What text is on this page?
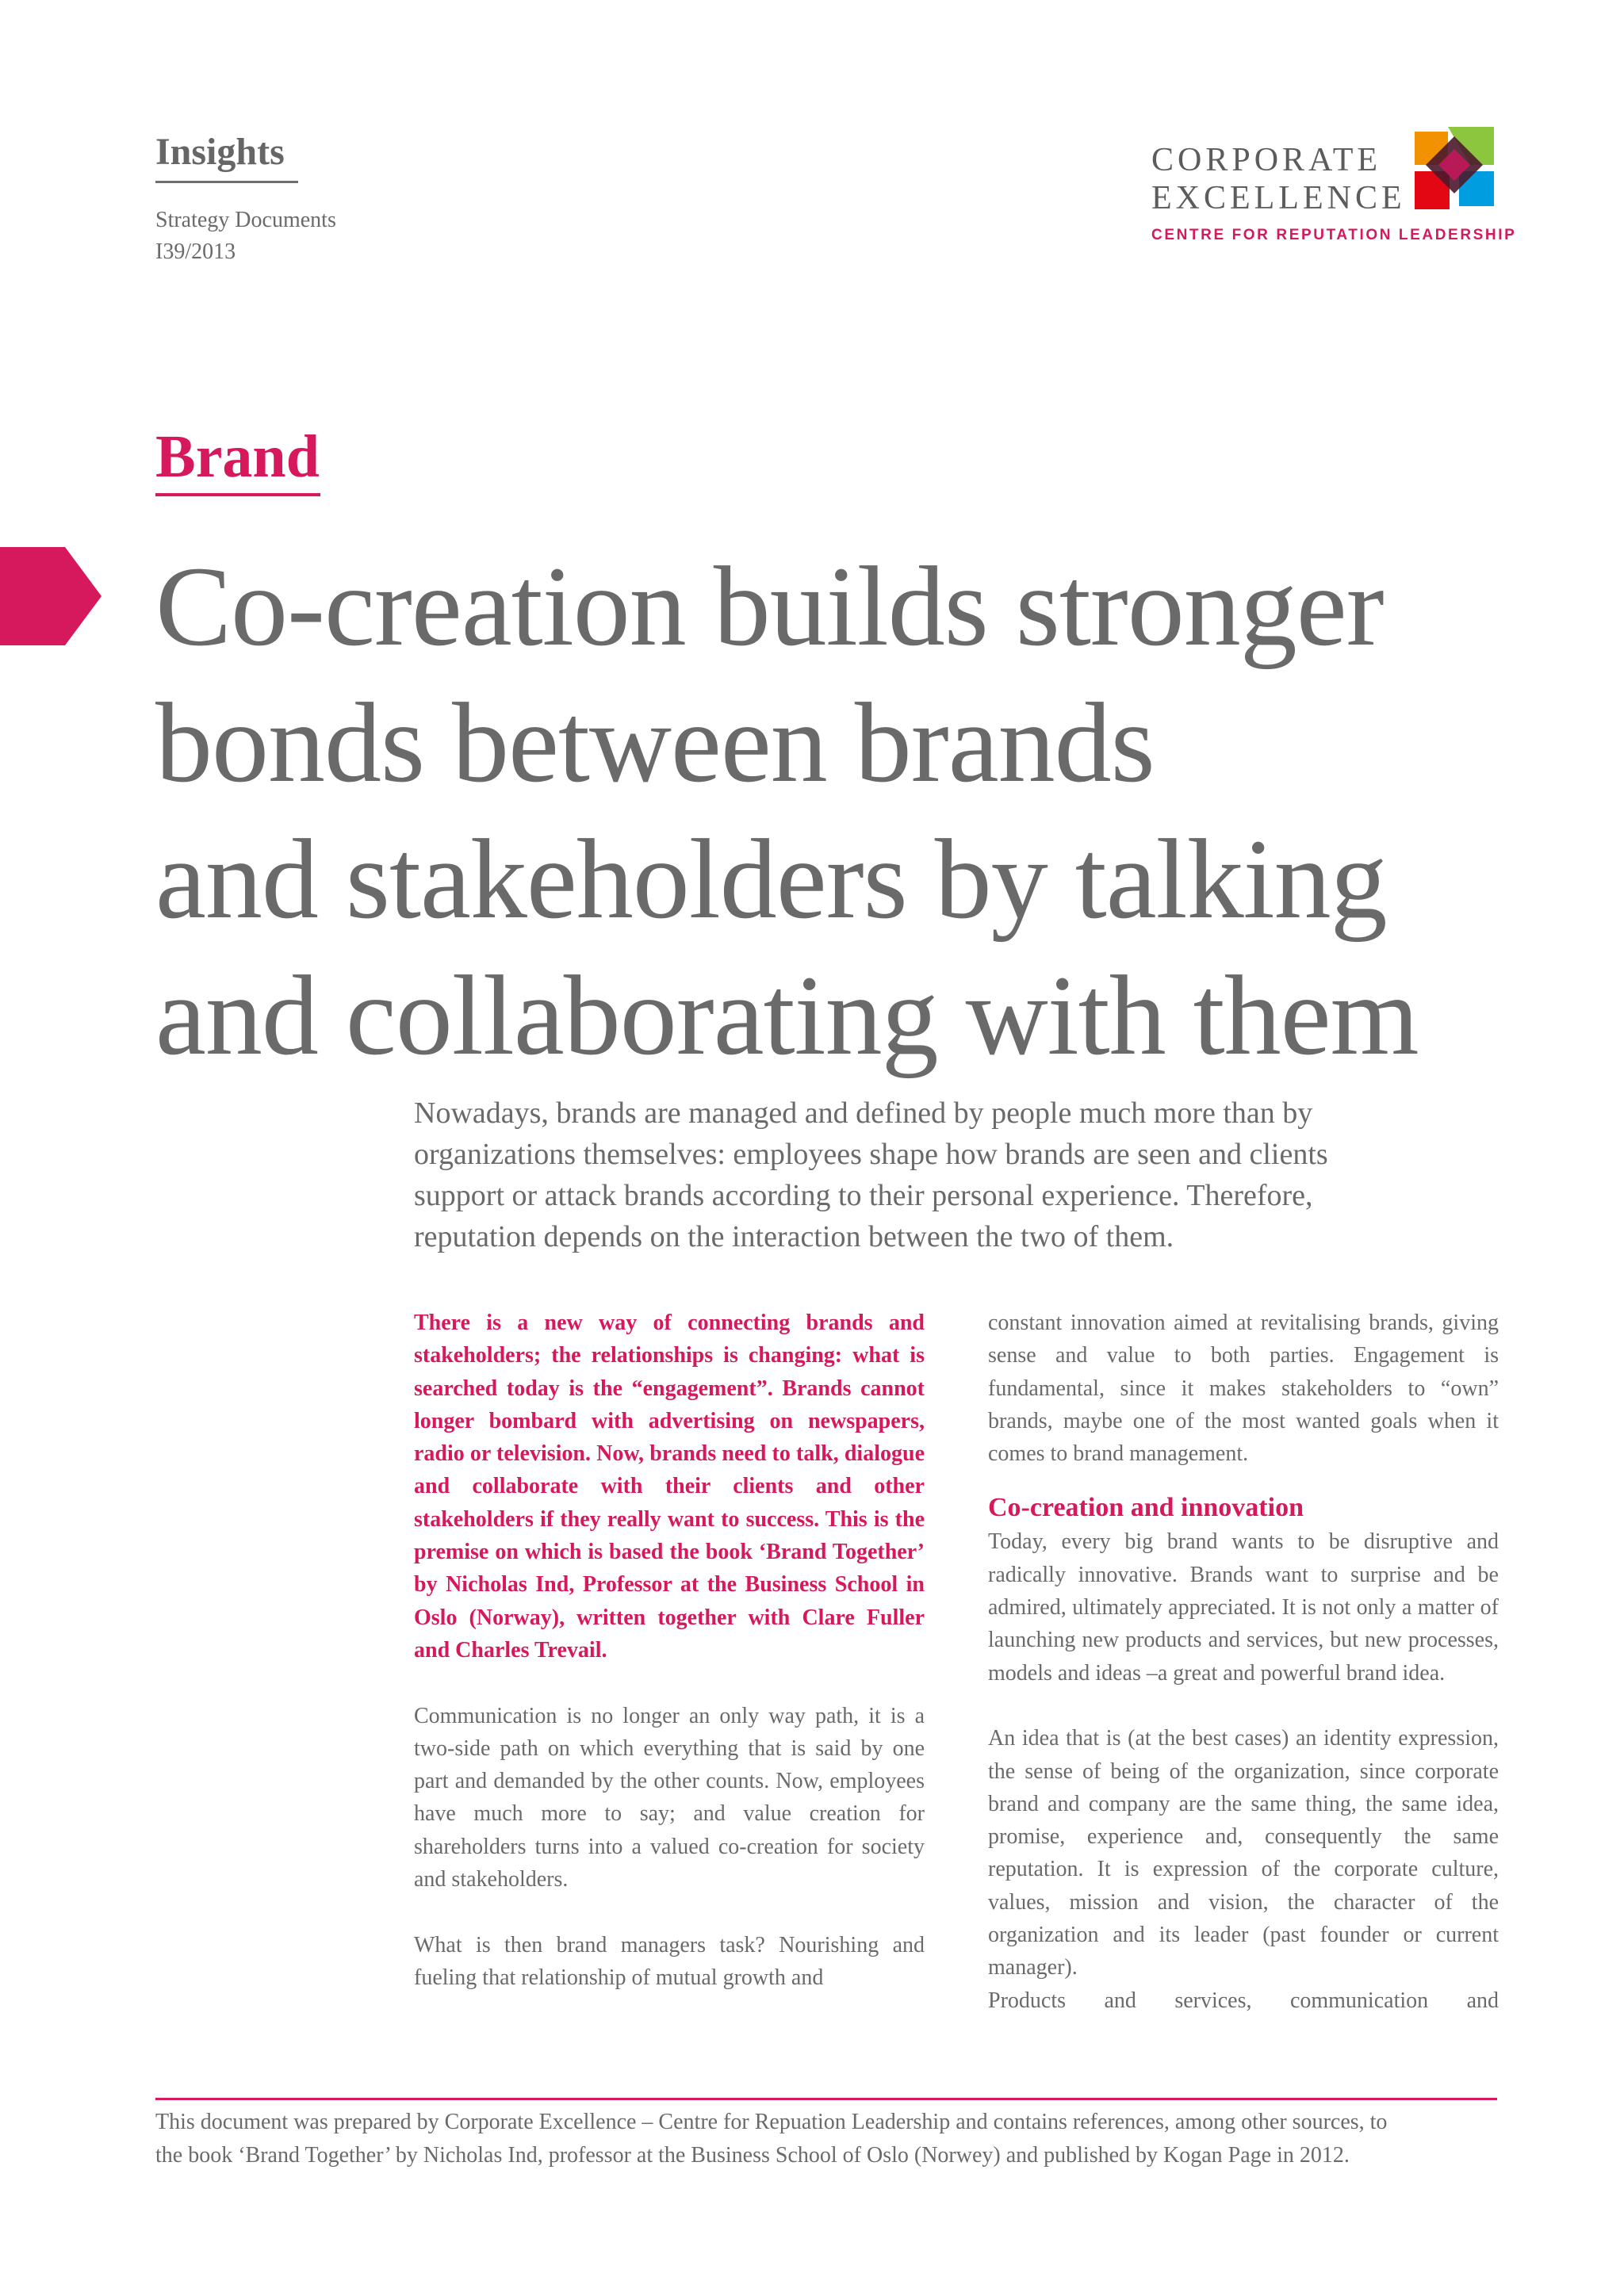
Insights
Strategy Documents
I39/2013
CORPORATE
EXCELLENCE
CENTRE FOR REPUTATION LEADERSHIP
Brand
Co-creation builds stronger
bonds between brands
and stakeholders by talking
and collaborating with them
Nowadays, brands are managed and defined by people much more than by
organizations themselves: employees shape how brands are seen and clients
support or attack brands according to their personal experience. Therefore,
reputation depends on the interaction between the two of them.

There is a new way of connecting brands and stakeholders; the relationships is changing: what is searched today is the “engagement”. Brands cannot longer bombard with advertising on newspapers, radio or television. Now, brands need to talk, dialogue and collaborate with their clients and other stakeholders if they really want to success. This is the premise on which is based the book ‘Brand Together’ by Nicholas Ind, Professor at the Business School in Oslo (Norway), written together with Clare Fuller and Charles Trevail.

Communication is no longer an only way path, it is a two-side path on which everything that is said by one part and demanded by the other counts. Now, employees have much more to say; and value creation for shareholders turns into a valued co-creation for society and stakeholders.

What is then brand managers task? Nourishing and fueling that relationship of mutual growth and

constant innovation aimed at revitalising brands, giving sense and value to both parties. Engagement is fundamental, since it makes stakeholders to “own” brands, maybe one of the most wanted goals when it comes to brand management.

Co-creation and innovation

Today, every big brand wants to be disruptive and radically innovative. Brands want to surprise and be admired, ultimately appreciated. It is not only a matter of launching new products and services, but new processes, models and ideas –a great and powerful brand idea.

An idea that is (at the best cases) an identity expression, the sense of being of the organization, since corporate brand and company are the same thing, the same idea, promise, experience and, consequently the same reputation. It is expression of the corporate culture, values, mission and vision, the character of the organization and its leader (past founder or current manager).

Products and services, communication and

This document was prepared by Corporate Excellence – Centre for Repuation Leadership and contains references, among other sources, to
the book ‘Brand Together’ by Nicholas Ind, professor at the Business School of Oslo (Norwey) and published by Kogan Page in 2012.
